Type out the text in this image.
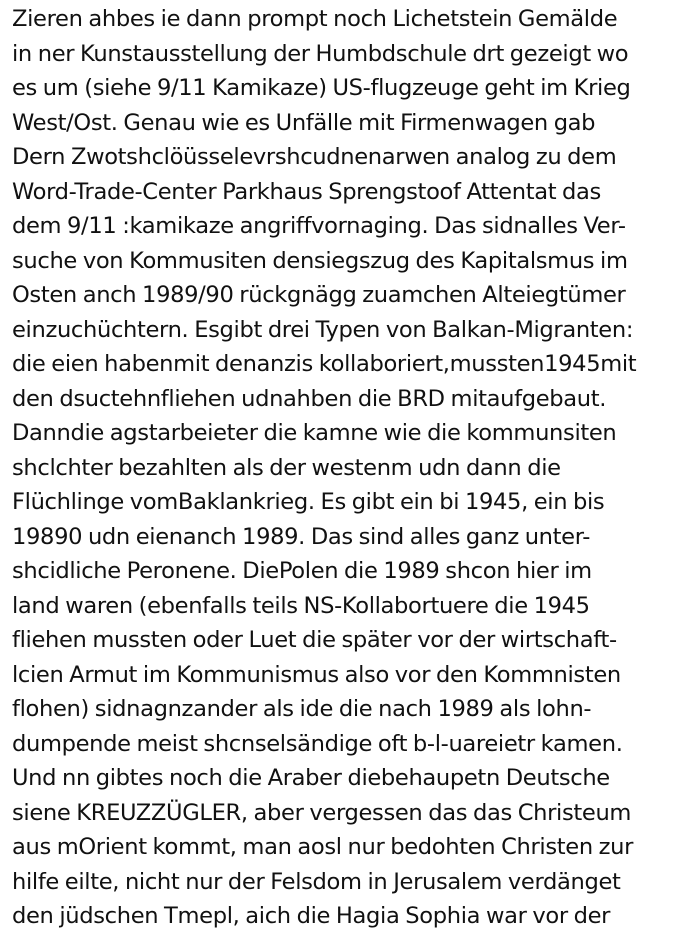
Zieren ahbes ie dann prompt noch Lichetstein Gemälde
in ner Kunstausstellung der Humbdschule drt gezeigt wo
es um (siehe 9/11 Kamikaze) US-flugzeuge geht im Krieg
West/Ost. Genau wie es Unfälle mit Firmenwagen gab
Dern Zwotshclöüsselevrshcudnenarwen analog zu dem
Word-Trade-Center Parkhaus Sprengstoof Attentat das
dem 9/11 :kamikaze angriffvornaging. Das sidnalles Ver-
suche von Kommusiten densiegszug des Kapitalsmus im
Osten anch 1989/90 rückgnägg zuamchen Alteiegtümer
einzuchüchtern. Esgibt drei Typen von Balkan-Migranten:
die eien habenmit denanzis kollaboriert,mussten1945mit
den dsuctehnfliehen udnahben die BRD mitaufgebaut.
Danndie agstarbeieter die kamne wie die kommunsiten
shclchter bezahlten als der westenm udn dann die
Flüchlinge vomBaklankrieg. Es gibt ein bi 1945, ein bis
19890 udn eienanch 1989. Das sind alles ganz unter-
shcidliche Peronene. DiePolen die 1989 shcon hier im
land waren (ebenfalls teils NS-Kollabortuere die 1945
fliehen mussten oder Luet die später vor der wirtschaft-
lcien Armut im Kommunismus also vor den Kommnisten
flohen) sidnagnzander als ide die nach 1989 als lohn-
dumpende meist shcnselsändige oft b-l-uareietr kamen.
Und nn gibtes noch die Araber diebehaupetn Deutsche
siene KREUZZÜGLER, aber vergessen das das Christeum
aus mOrient kommt, man aosl nur bedohten Christen zur
hilfe eilte, nicht nur der Felsdom in Jerusalem verdänget
den jüdschen Tmepl, aich die Hagia Sophia war vor der
